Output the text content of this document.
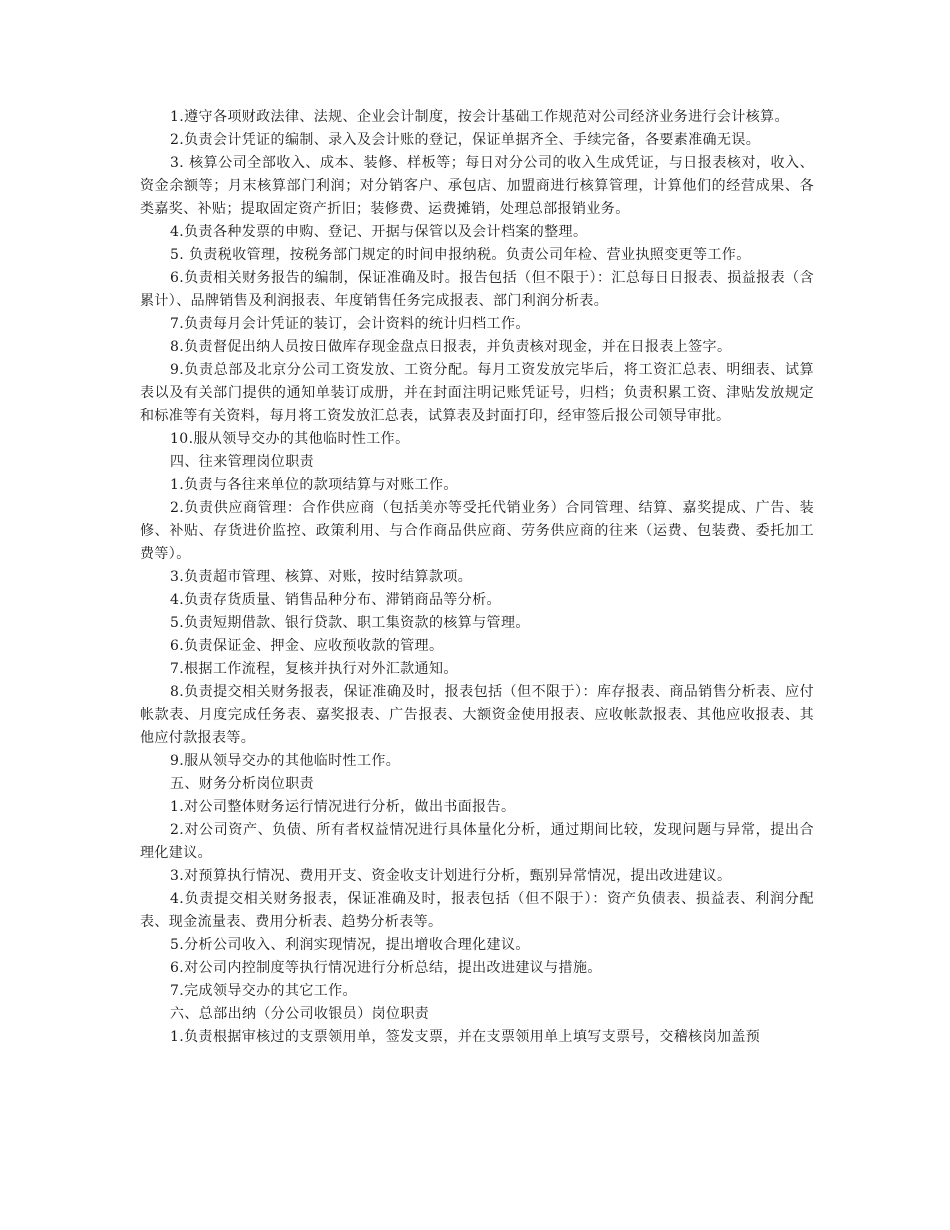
1.遵守各项财政法律、法规、企业会计制度，按会计基础工作规范对公司经济业务进行会计核算。

2.负责会计凭证的编制、录入及会计账的登记，保证单据齐全、手续完备，各要素准确无误。

3. 核算公司全部收入、成本、装修、样板等；每日对分公司的收入生成凭证，与日报表核对，收入、资金余额等；月末核算部门利润；对分销客户、承包店、加盟商进行核算管理，计算他们的经营成果、各类嘉奖、补贴；提取固定资产折旧；装修费、运费摊销，处理总部报销业务。

4.负责各种发票的申购、登记、开据与保管以及会计档案的整理。

5. 负责税收管理，按税务部门规定的时间申报纳税。负责公司年检、营业执照变更等工作。

6.负责相关财务报告的编制，保证准确及时。报告包括（但不限于）：汇总每日日报表、损益报表（含累计）、品牌销售及利润报表、年度销售任务完成报表、部门利润分析表。

7.负责每月会计凭证的装订，会计资料的统计归档工作。

8.负责督促出纳人员按日做库存现金盘点日报表，并负责核对现金，并在日报表上签字。

9.负责总部及北京分公司工资发放、工资分配。每月工资发放完毕后，将工资汇总表、明细表、试算表以及有关部门提供的通知单装订成册，并在封面注明记账凭证号，归档；负责积累工资、津贴发放规定和标准等有关资料，每月将工资发放汇总表，试算表及封面打印，经审签后报公司领导审批。

10.服从领导交办的其他临时性工作。

四、往来管理岗位职责

1.负责与各往来单位的款项结算与对账工作。

2.负责供应商管理：合作供应商（包括美亦等受托代销业务）合同管理、结算、嘉奖提成、广告、装修、补贴、存货进价监控、政策利用、与合作商品供应商、劳务供应商的往来（运费、包装费、委托加工费等）。

3.负责超市管理、核算、对账，按时结算款项。

4.负责存货质量、销售品种分布、滞销商品等分析。

5.负责短期借款、银行贷款、职工集资款的核算与管理。

6.负责保证金、押金、应收预收款的管理。

7.根据工作流程，复核并执行对外汇款通知。

8.负责提交相关财务报表，保证准确及时，报表包括（但不限于）：库存报表、商品销售分析表、应付帐款表、月度完成任务表、嘉奖报表、广告报表、大额资金使用报表、应收帐款报表、其他应收报表、其他应付款报表等。

9.服从领导交办的其他临时性工作。

五、财务分析岗位职责

1.对公司整体财务运行情况进行分析，做出书面报告。

2.对公司资产、负债、所有者权益情况进行具体量化分析，通过期间比较，发现问题与异常，提出合理化建议。

3.对预算执行情况、费用开支、资金收支计划进行分析，甄别异常情况，提出改进建议。

4.负责提交相关财务报表，保证准确及时，报表包括（但不限于）：资产负债表、损益表、利润分配表、现金流量表、费用分析表、趋势分析表等。

5.分析公司收入、利润实现情况，提出增收合理化建议。

6.对公司内控制度等执行情况进行分析总结，提出改进建议与措施。

7.完成领导交办的其它工作。

六、总部出纳（分公司收银员）岗位职责

1.负责根据审核过的支票领用单，签发支票，并在支票领用单上填写支票号，交稽核岗加盖预
